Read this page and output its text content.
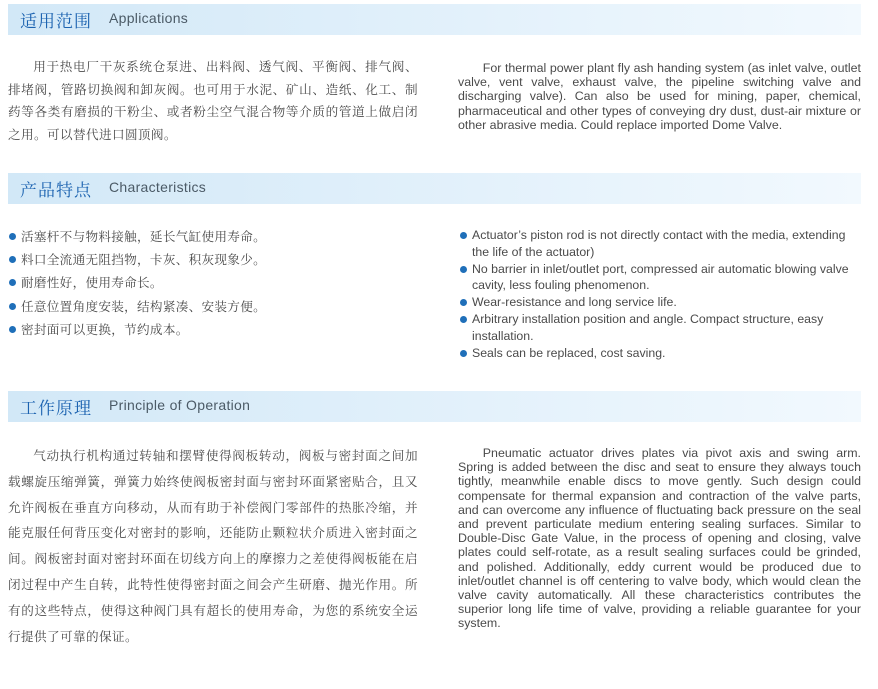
适用范围 Applications

用于热电厂干灰系统仓泵进、出料阀、透气阀、平衡阀、排气阀、排堵阀，管路切换阀和卸灰阀。也可用于水泥、矿山、造纸、化工、制药等各类有磨损的干粉尘、或者粉尘空气混合物等介质的管道上做启闭之用。可以替代进口圆顶阀。

For thermal power plant fly ash handing system (as inlet valve, outlet valve, vent valve, exhaust valve, the pipeline switching valve and discharging valve). Can also be used for mining, paper, chemical, pharmaceutical and other types of conveying dry dust, dust-air mixture or other abrasive media. Could replace imported Dome Valve.

产品特点 Characteristics
活塞杆不与物料接触，延长气缸使用寿命。
料口全流通无阻挡物，卡灰、积灰现象少。
耐磨性好，使用寿命长。
任意位置角度安装，结构紧凑、安装方便。
密封面可以更换，节约成本。
Actuator’s piston rod is not directly contact with the media, extending the life of the actuator)
No barrier in inlet/outlet port, compressed air automatic blowing valve cavity, less fouling phenomenon.
Wear-resistance and long service life.
Arbitrary installation position and angle. Compact structure, easy installation.
Seals can be replaced, cost saving.
工作原理 Principle of Operation

气动执行机构通过转轴和摆臂使得阀板转动，阀板与密封面之间加载螺旋压缩弹簧，弹簧力始终使阀板密封面与密封环面紧密贴合，且又允许阀板在垂直方向移动，从而有助于补偿阀门零部件的热胀冷缩，并能克服任何背压变化对密封的影响，还能防止颗粒状介质进入密封面之间。阀板密封面对密封环面在切线方向上的摩擦力之差使得阀板能在启闭过程中产生自转，此特性使得密封面之间会产生研磨、抛光作用。所有的这些特点，使得这种阀门具有超长的使用寿命，为您的系统安全运行提供了可靠的保证。

Pneumatic actuator drives plates via pivot axis and swing arm. Spring is added between the disc and seat to ensure they always touch tightly, meanwhile enable discs to move gently. Such design could compensate for thermal expansion and contraction of the valve parts, and can overcome any influence of fluctuating back pressure on the seal and prevent particulate medium entering sealing surfaces. Similar to Double-Disc Gate Value, in the process of opening and closing, valve plates could self-rotate, as a result sealing surfaces could be grinded, and polished. Additionally, eddy current would be produced due to inlet/outlet channel is off centering to valve body, which would clean the valve cavity automatically. All these characteristics contributes the superior long life time of valve, providing a reliable guarantee for your system.
